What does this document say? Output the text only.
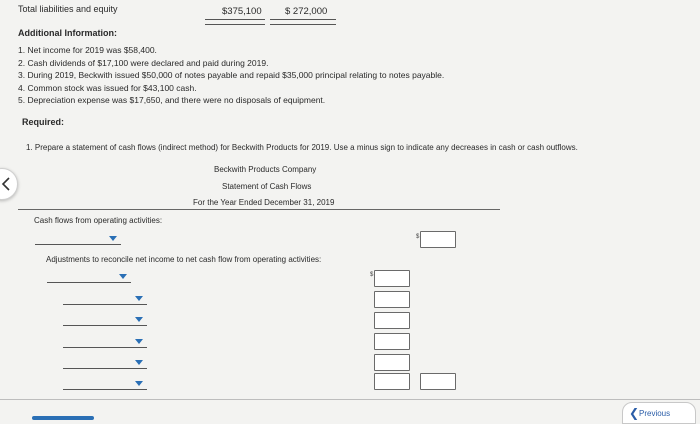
Total liabilities and equity	$375,100 $ 272,000
Additional Information:
1. Net income for 2019 was $58,400.
2. Cash dividends of $17,100 were declared and paid during 2019.
3. During 2019, Beckwith issued $50,000 of notes payable and repaid $35,000 principal relating to notes payable.
4. Common stock was issued for $43,100 cash.
5. Depreciation expense was $17,650, and there were no disposals of equipment.
Required:
1. Prepare a statement of cash flows (indirect method) for Beckwith Products for 2019. Use a minus sign to indicate any decreases in cash or cash outflows.
Beckwith Products Company
Statement of Cash Flows
For the Year Ended December 31, 2019
Cash flows from operating activities:
$
Adjustments to reconcile net income to net cash flow from operating activities:
$
❮ Previous
